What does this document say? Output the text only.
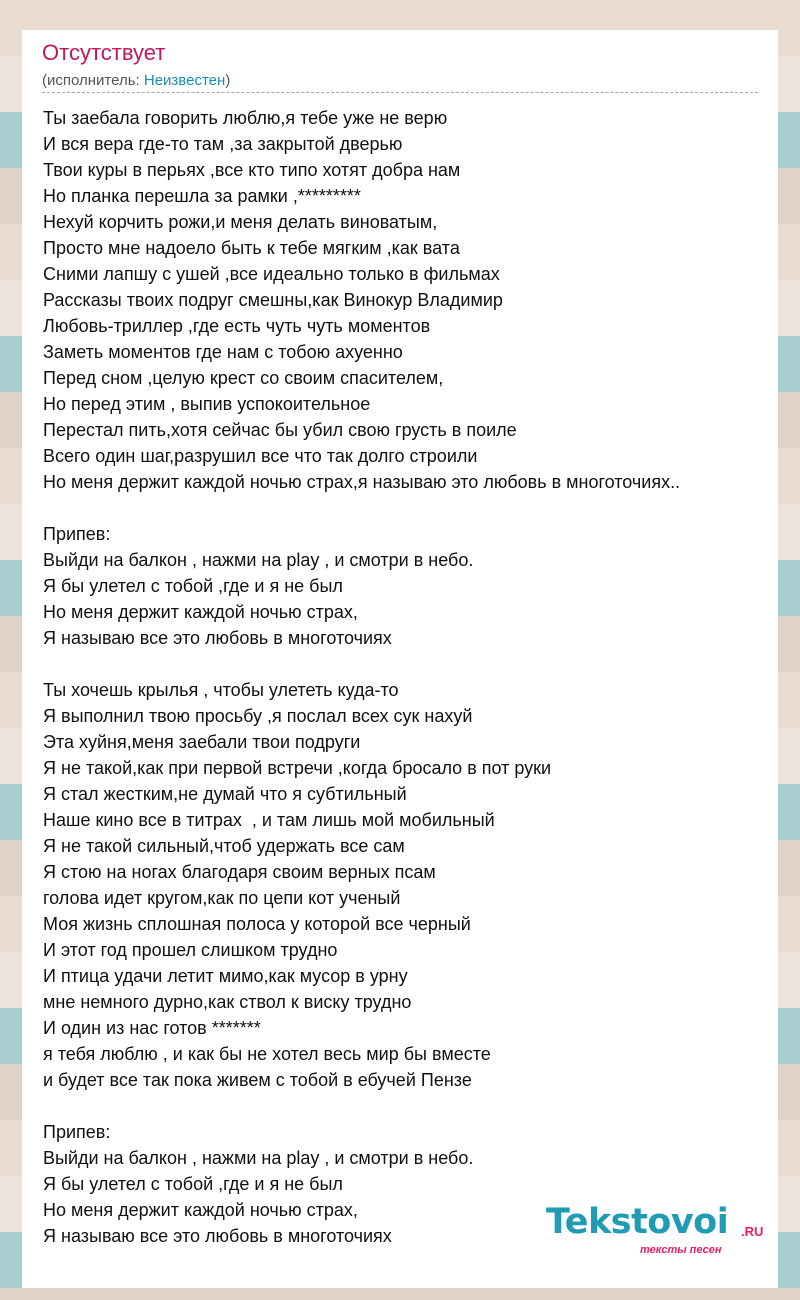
Отсутствует
(исполнитель: Неизвестен)
Ты заебала говорить люблю,я тебе уже не верю
И вся вера где-то там ,за закрытой дверью
Твои куры в перьях ,все кто типо хотят добра нам
Но планка перешла за рамки ,*********
Нехуй корчить рожи,и меня делать виноватым,
Просто мне надоело быть к тебе мягким ,как вата
Сними лапшу с ушей ,все идеально только в фильмах
Рассказы твоих подруг смешны,как Винокур Владимир
Любовь-триллер ,где есть чуть чуть моментов
Заметь моментов где нам с тобою ахуенно
Перед сном ,целую крест со своим спасителем,
Но перед этим , выпив успокоительное
Перестал пить,хотя сейчас бы убил свою грусть в поиле
Всего один шаг,разрушил все что так долго строили
Но меня держит каждой ночью страх,я называю это любовь в многоточиях..
Припев:
Выйди на балкон , нажми на play , и смотри в небо.
Я бы улетел с тобой ,где и я не был
Но меня держит каждой ночью страх,
Я называю все это любовь в многоточиях
Ты хочешь крылья , чтобы улететь куда-то
Я выполнил твою просьбу ,я послал всех сук нахуй
Эта хуйня,меня заебали твои подруги
Я не такой,как при первой встречи ,когда бросало в пот руки
Я стал жестким,не думай что я субтильный
Наше кино все в титрах  , и там лишь мой мобильный
Я не такой сильный,чтоб удержать все сам
Я стою на ногах благодаря своим верных псам
голова идет кругом,как по цепи кот ученый
Моя жизнь сплошная полоса у которой все черный
И этот год прошел слишком трудно
И птица удачи летит мимо,как мусор в урну
мне немного дурно,как ствол к виску трудно
И один из нас готов *******
я тебя люблю , и как бы не хотел весь мир бы вместе
и будет все так пока живем с тобой в ебучей Пензе
Припев:
Выйди на балкон , нажми на play , и смотри в небо.
Я бы улетел с тобой ,где и я не был
Но меня держит каждой ночью страх,
Я называю все это любовь в многоточиях	Tekstovoi .RU
тексты песен
